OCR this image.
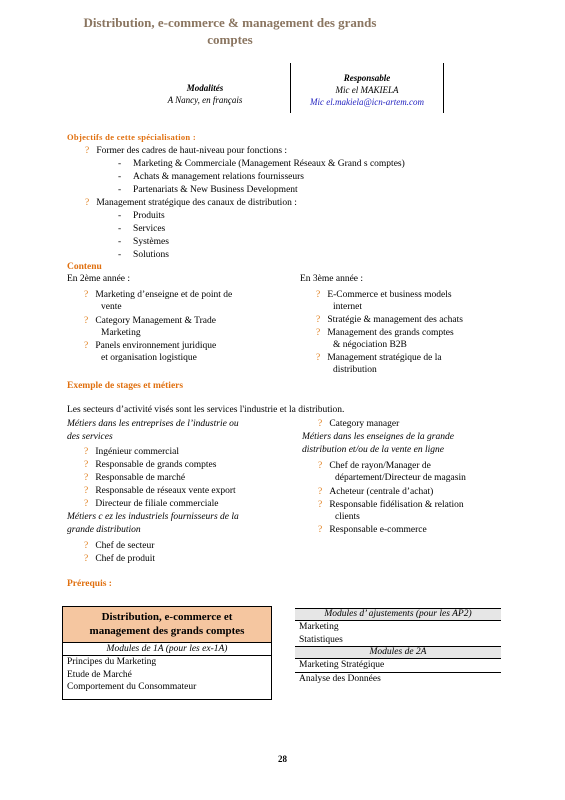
Distribution, e-commerce & management des grands
comptes
Modalités
A Nancy, en français
Responsable
Mic el MAKIELA
Mic el.makiela@icn-artem.com
Objectifs de cette spécialisation :
? Former des cadres de haut-niveau pour fonctions :
-     Marketing & Commerciale (Management Réseaux & Grand s comptes)
-     Achats & management relations fournisseurs
-     Partenariats & New Business Development
? Management stratégique des canaux de distribution :
-     Produits
-     Services
-     Systèmes
-     Solutions
Contenu
En 2ème année :
? Marketing d’enseigne et de point de
vente
? Category Management & Trade
Marketing
? Panels environnement juridique
et organisation logistique
En 3ème année :
? E-Commerce et business models
internet
? Stratégie & management des achats
? Management des grands comptes
& négociation B2B
? Management stratégique de la
distribution
Exemple de stages et métiers
Les secteurs d’activité visés sont les services l'industrie et la distribution.
Métiers dans les entreprises de l’industrie ou
des services
? Ingénieur commercial
? Responsable de grands comptes
? Responsable de marché
? Responsable de réseaux vente export
? Directeur de filiale commerciale
Métiers c ez les industriels fournisseurs de la
grande distribution
? Chef de secteur
? Chef de produit
? Category manager
Métiers dans les enseignes de la grande
distribution et/ou de la vente en ligne
? Chef de rayon/Manager de
département/Directeur de magasin
? Acheteur (centrale d’achat)
? Responsable fidélisation & relation
clients
? Responsable e-commerce
Prérequis :
Distribution, e-commerce et
management des grands comptes
Modules de 1A (pour les ex-1A)
Principes du Marketing
Etude de Marché
Comportement du Consommateur
Modules d’ ajustements (pour les AP2)
Marketing
Statistiques
Modules de 2A
Marketing Stratégique
Analyse des Données
28
